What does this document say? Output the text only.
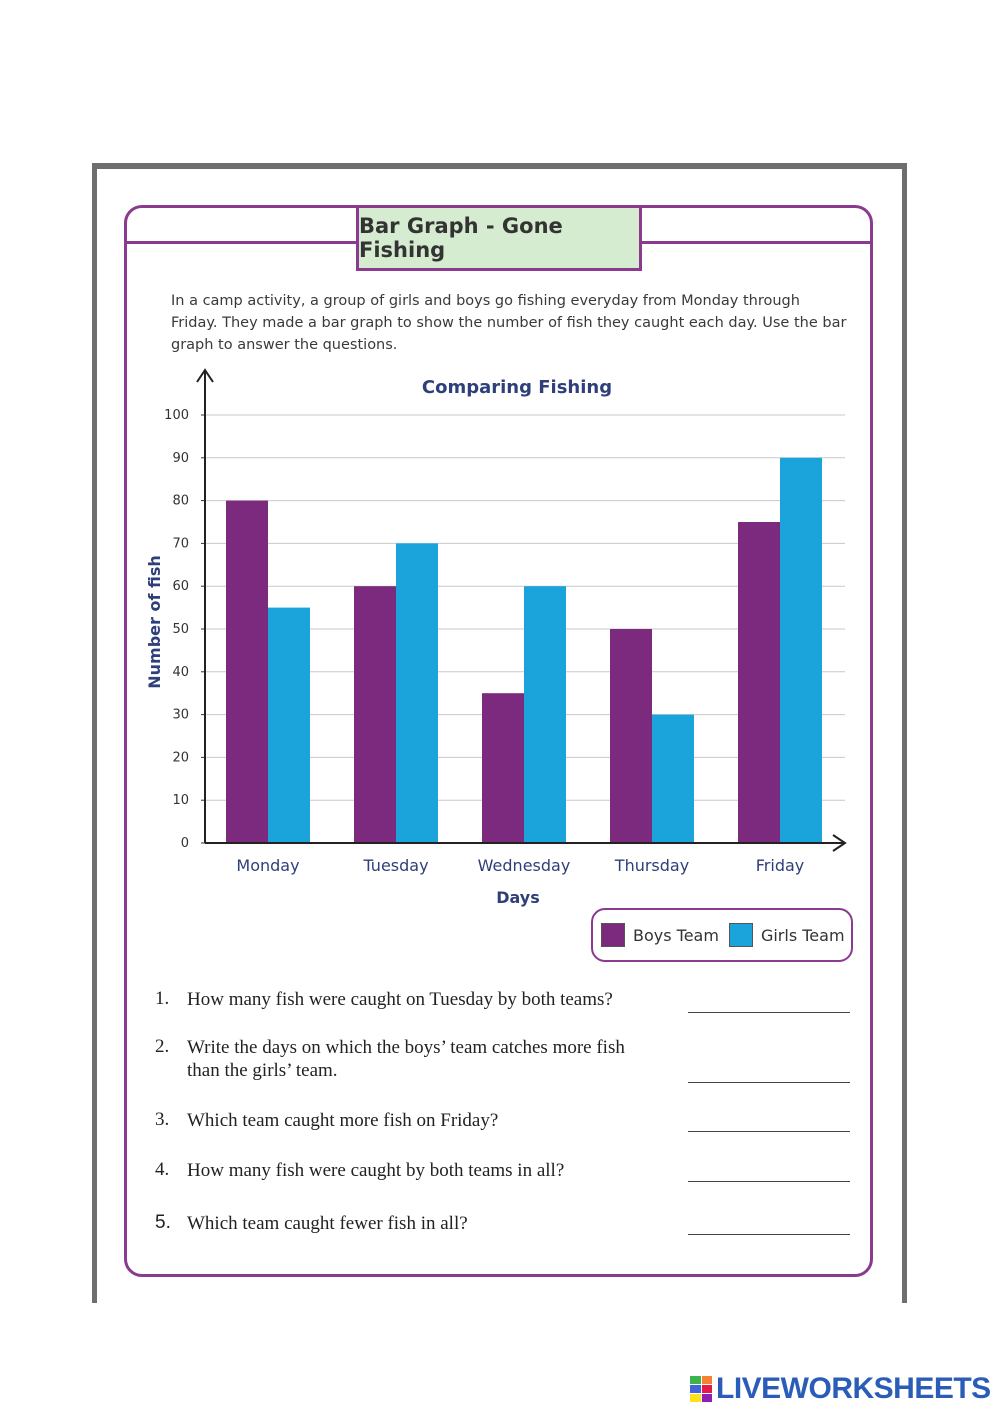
Bar Graph - Gone Fishing
In a camp activity, a group of girls and boys go fishing everyday from Monday through Friday. They made a bar graph to show the number of fish they caught each day. Use the bar graph to answer the questions.
0
10
20
30
40
50
60
70
80
90
100
Monday	Tuesday	Wednesday	Thursday	Friday
Comparing Fishing
Days
Number of fish
Boys Team	Girls Team
1. How many fish were caught on Tuesday by both teams?
2. Write the days on which the boys’ team catches more fish than the girls’ team.
3. Which team caught more fish on Friday?
4. How many fish were caught by both teams in all?
5. Which team caught fewer fish in all?
LIVEWORKSHEETS
